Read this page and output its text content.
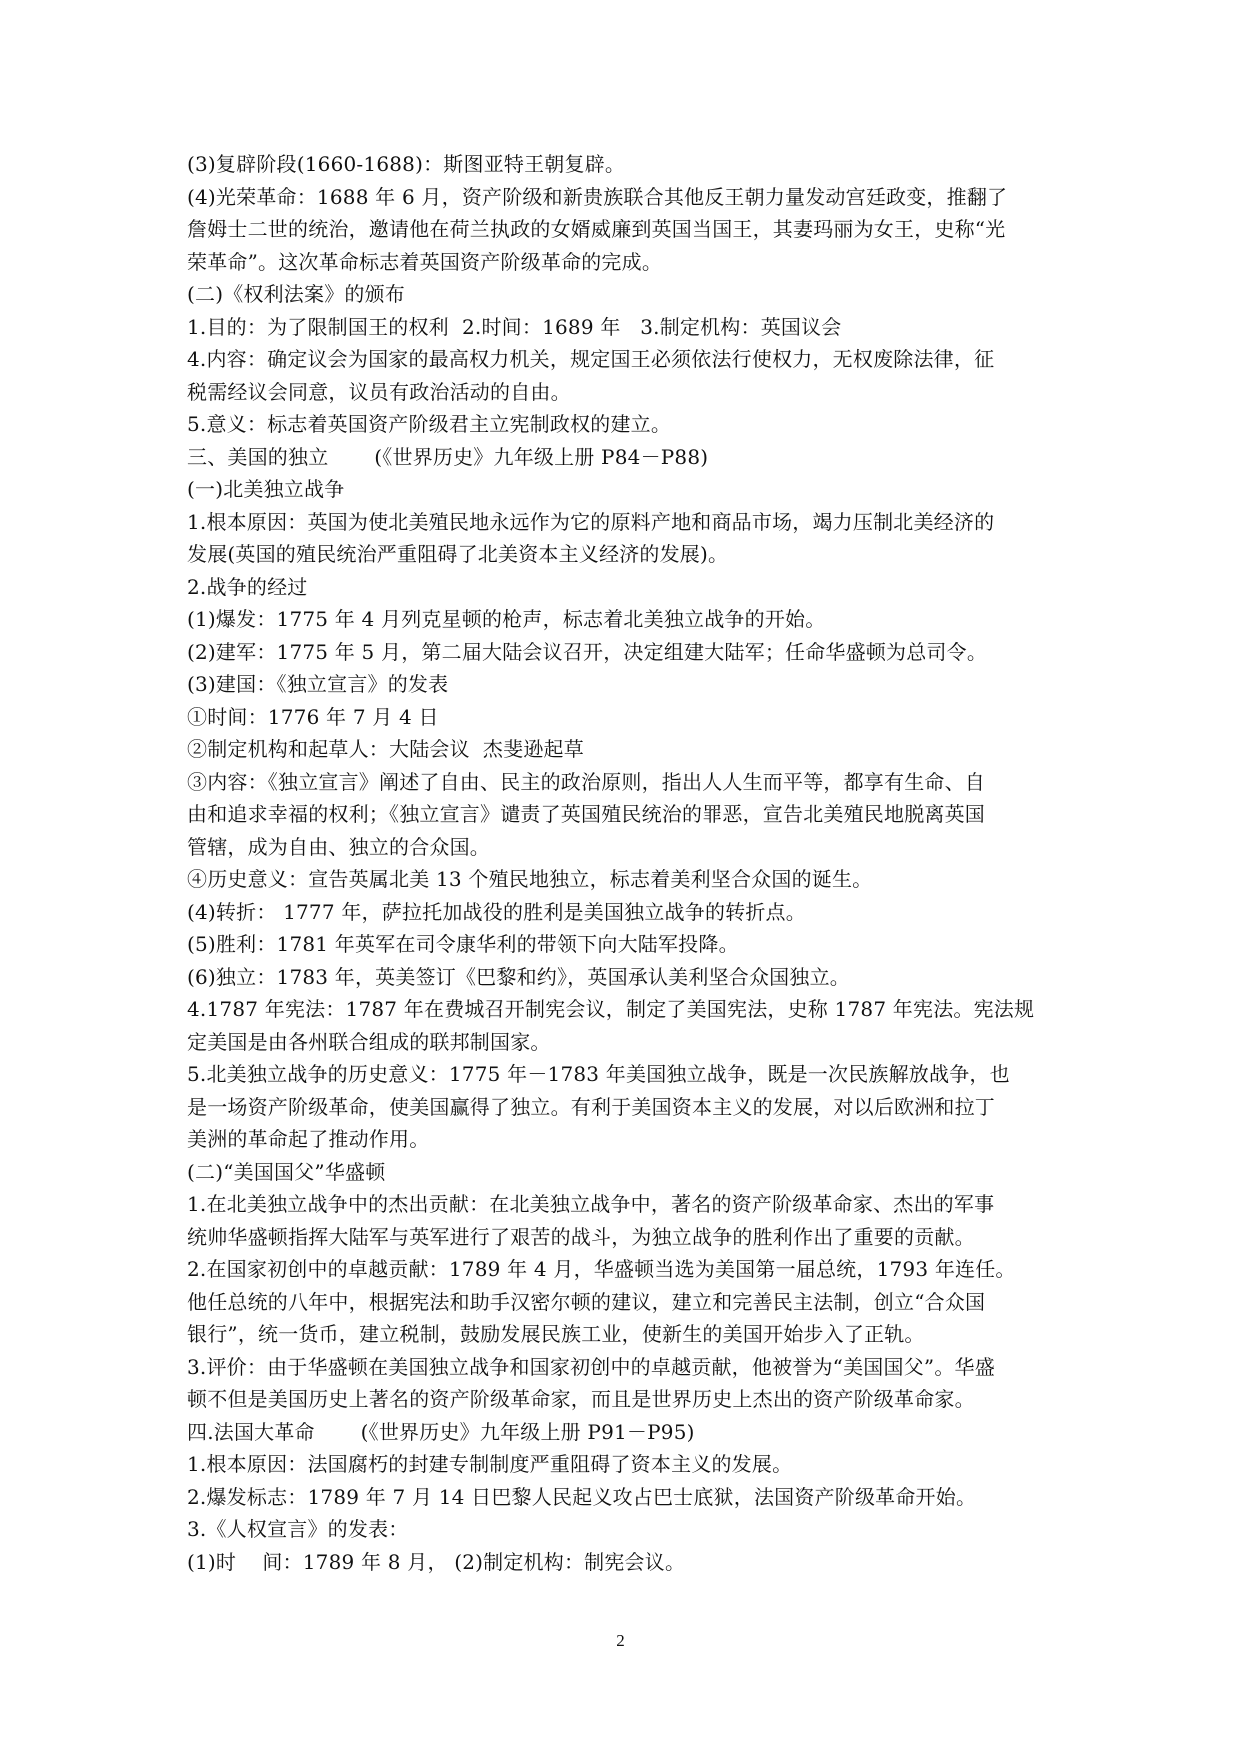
(3)复辟阶段(1660-1688)：斯图亚特王朝复辟。
(4)光荣革命：1688 年 6 月，资产阶级和新贵族联合其他反王朝力量发动宫廷政变，推翻了
詹姆士二世的统治，邀请他在荷兰执政的女婿威廉到英国当国王，其妻玛丽为女王，史称“光
荣革命”。这次革命标志着英国资产阶级革命的完成。
(二)《权利法案》的颁布
1.目的：为了限制国王的权利  2.时间：1689 年   3.制定机构：英国议会
4.内容：确定议会为国家的最高权力机关，规定国王必须依法行使权力，无权废除法律，征
税需经议会同意，议员有政治活动的自由。
5.意义：标志着英国资产阶级君主立宪制政权的建立。
三、美国的独立       (《世界历史》九年级上册 P84－P88)
(一)北美独立战争
1.根本原因：英国为使北美殖民地永远作为它的原料产地和商品市场，竭力压制北美经济的
发展(英国的殖民统治严重阻碍了北美资本主义经济的发展)。
2.战争的经过
(1)爆发：1775 年 4 月列克星顿的枪声，标志着北美独立战争的开始。
(2)建军：1775 年 5 月，第二届大陆会议召开，决定组建大陆军；任命华盛顿为总司令。
(3)建国：《独立宣言》的发表
①时间：1776 年 7 月 4 日
②制定机构和起草人：大陆会议  杰斐逊起草
③内容：《独立宣言》阐述了自由、民主的政治原则，指出人人生而平等，都享有生命、自
由和追求幸福的权利；《独立宣言》谴责了英国殖民统治的罪恶，宣告北美殖民地脱离英国
管辖，成为自由、独立的合众国。
④历史意义：宣告英属北美 13 个殖民地独立，标志着美利坚合众国的诞生。
(4)转折： 1777 年，萨拉托加战役的胜利是美国独立战争的转折点。
(5)胜利：1781 年英军在司令康华利的带领下向大陆军投降。
(6)独立：1783 年，英美签订《巴黎和约》，英国承认美利坚合众国独立。
4.1787 年宪法：1787 年在费城召开制宪会议，制定了美国宪法，史称 1787 年宪法。宪法规
定美国是由各州联合组成的联邦制国家。
5.北美独立战争的历史意义：1775 年－1783 年美国独立战争，既是一次民族解放战争，也
是一场资产阶级革命，使美国赢得了独立。有利于美国资本主义的发展，对以后欧洲和拉丁
美洲的革命起了推动作用。
(二)“美国国父”华盛顿
1.在北美独立战争中的杰出贡献：在北美独立战争中，著名的资产阶级革命家、杰出的军事
统帅华盛顿指挥大陆军与英军进行了艰苦的战斗，为独立战争的胜利作出了重要的贡献。
2.在国家初创中的卓越贡献：1789 年 4 月，华盛顿当选为美国第一届总统，1793 年连任。
他任总统的八年中，根据宪法和助手汉密尔顿的建议，建立和完善民主法制，创立“合众国
银行”，统一货币，建立税制，鼓励发展民族工业，使新生的美国开始步入了正轨。
3.评价：由于华盛顿在美国独立战争和国家初创中的卓越贡献，他被誉为“美国国父”。华盛
顿不但是美国历史上著名的资产阶级革命家，而且是世界历史上杰出的资产阶级革命家。
四.法国大革命       (《世界历史》九年级上册 P91－P95)
1.根本原因：法国腐朽的封建专制制度严重阻碍了资本主义的发展。
2.爆发标志：1789 年 7 月 14 日巴黎人民起义攻占巴士底狱，法国资产阶级革命开始。
3.《人权宣言》的发表：
(1)时    间：1789 年 8 月， (2)制定机构：制宪会议。
2
